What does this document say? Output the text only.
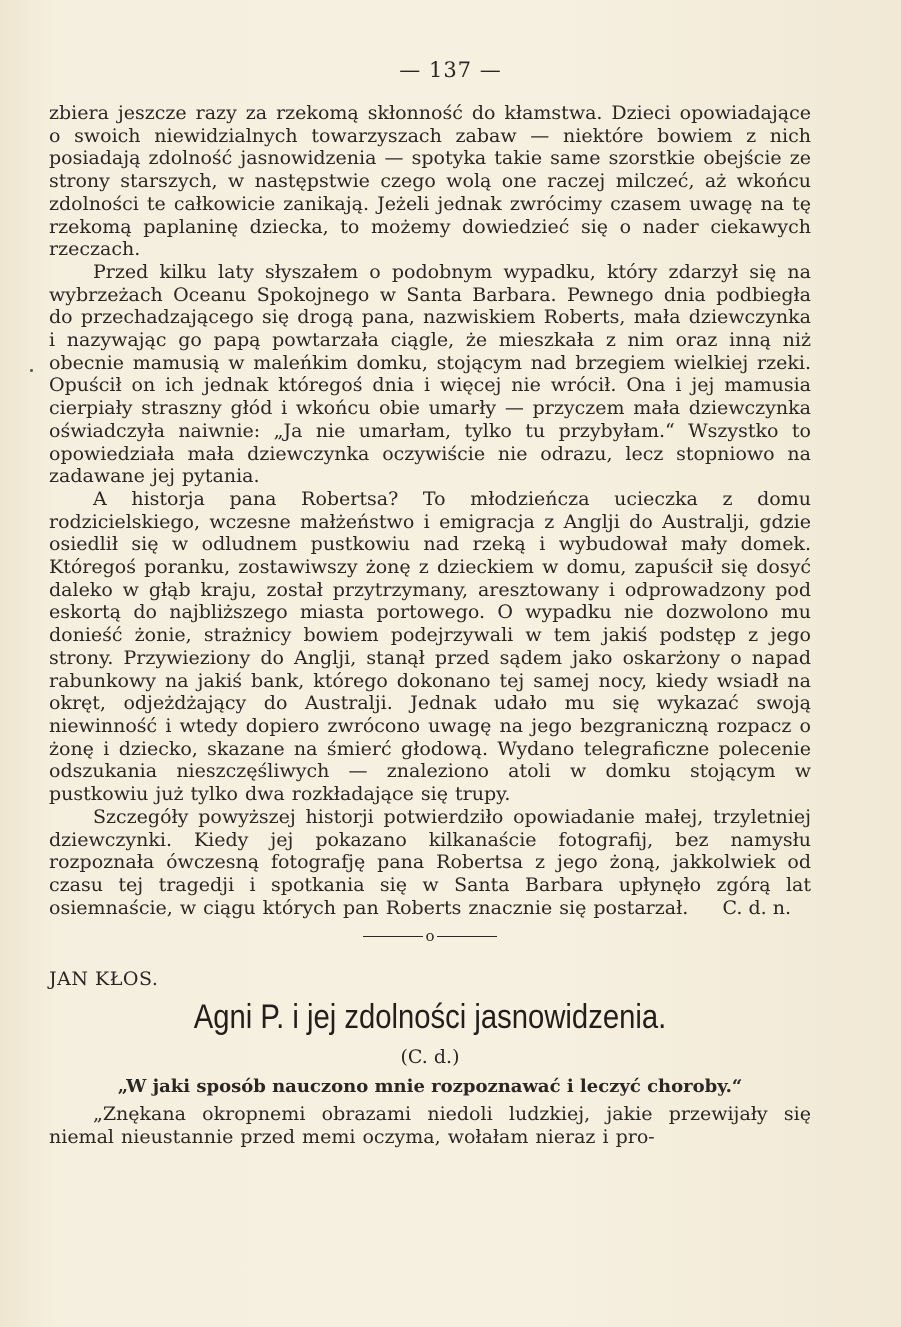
— 137 —

zbiera jeszcze razy za rzekomą skłonność do kłamstwa. Dzieci opowiadające o swoich niewidzialnych towarzyszach zabaw — niektóre bowiem z nich posiadają zdolność jasnowidzenia — spotyka takie same szorstkie obejście ze strony starszych, w następstwie czego wolą one raczej milczeć, aż wkońcu zdolności te całkowicie zanikają. Jeżeli jednak zwrócimy czasem uwagę na tę rzekomą paplaninę dziecka, to możemy dowiedzieć się o nader ciekawych rzeczach.

Przed kilku laty słyszałem o podobnym wypadku, który zdarzył się na wybrzeżach Oceanu Spokojnego w Santa Barbara. Pewnego dnia podbiegła do przechadzającego się drogą pana, nazwiskiem Roberts, mała dziewczynka i nazywając go papą powtarzała ciągle, że mieszkała z nim oraz inną niż obecnie mamusią w maleńkim domku, stojącym nad brzegiem wielkiej rzeki. Opuścił on ich jednak któregoś dnia i więcej nie wrócił. Ona i jej mamusia cierpiały straszny głód i wkońcu obie umarły — przyczem mała dziewczynka oświadczyła naiwnie: „Ja nie umarłam, tylko tu przybyłam.“ Wszystko to opowiedziała mała dziewczynka oczywiście nie odrazu, lecz stopniowo na zadawane jej pytania.

A historja pana Robertsa? To młodzieńcza ucieczka z domu rodzicielskiego, wczesne małżeństwo i emigracja z Anglji do Australji, gdzie osiedlił się w odludnem pustkowiu nad rzeką i wybudował mały domek. Któregoś poranku, zostawiwszy żonę z dzieckiem w domu, zapuścił się dosyć daleko w głąb kraju, został przytrzymany, aresztowany i odprowadzony pod eskortą do najbliższego miasta portowego. O wypadku nie dozwolono mu donieść żonie, strażnicy bowiem podejrzywali w tem jakiś podstęp z jego strony. Przywieziony do Anglji, stanął przed sądem jako oskarżony o napad rabunkowy na jakiś bank, którego dokonano tej samej nocy, kiedy wsiadł na okręt, odjeżdżający do Australji. Jednak udało mu się wykazać swoją niewinność i wtedy dopiero zwrócono uwagę na jego bezgraniczną rozpacz o żonę i dziecko, skazane na śmierć głodową. Wydano telegraficzne polecenie odszukania nieszczęśliwych — znaleziono atoli w domku stojącym w pustkowiu już tylko dwa rozkładające się trupy.

Szczegóły powyższej historji potwierdziło opowiadanie małej, trzyletniej dziewczynki. Kiedy jej pokazano kilkanaście fotografij, bez namysłu rozpoznała ówczesną fotografję pana Robertsa z jego żoną, jakkolwiek od czasu tej tragedji i spotkania się w Santa Barbara upłynęło zgórą lat osiemnaście, w ciągu których pan Roberts znacznie się postarzał.	C. d. n.
o
JAN KŁOS.
Agni P. i jej zdolności jasnowidzenia.
(C. d.)
„W jaki sposób nauczono mnie rozpoznawać i leczyć choroby.“

„Znękana okropnemi obrazami niedoli ludzkiej, jakie przewijały się niemal nieustannie przed memi oczyma, wołałam nieraz i pro-
